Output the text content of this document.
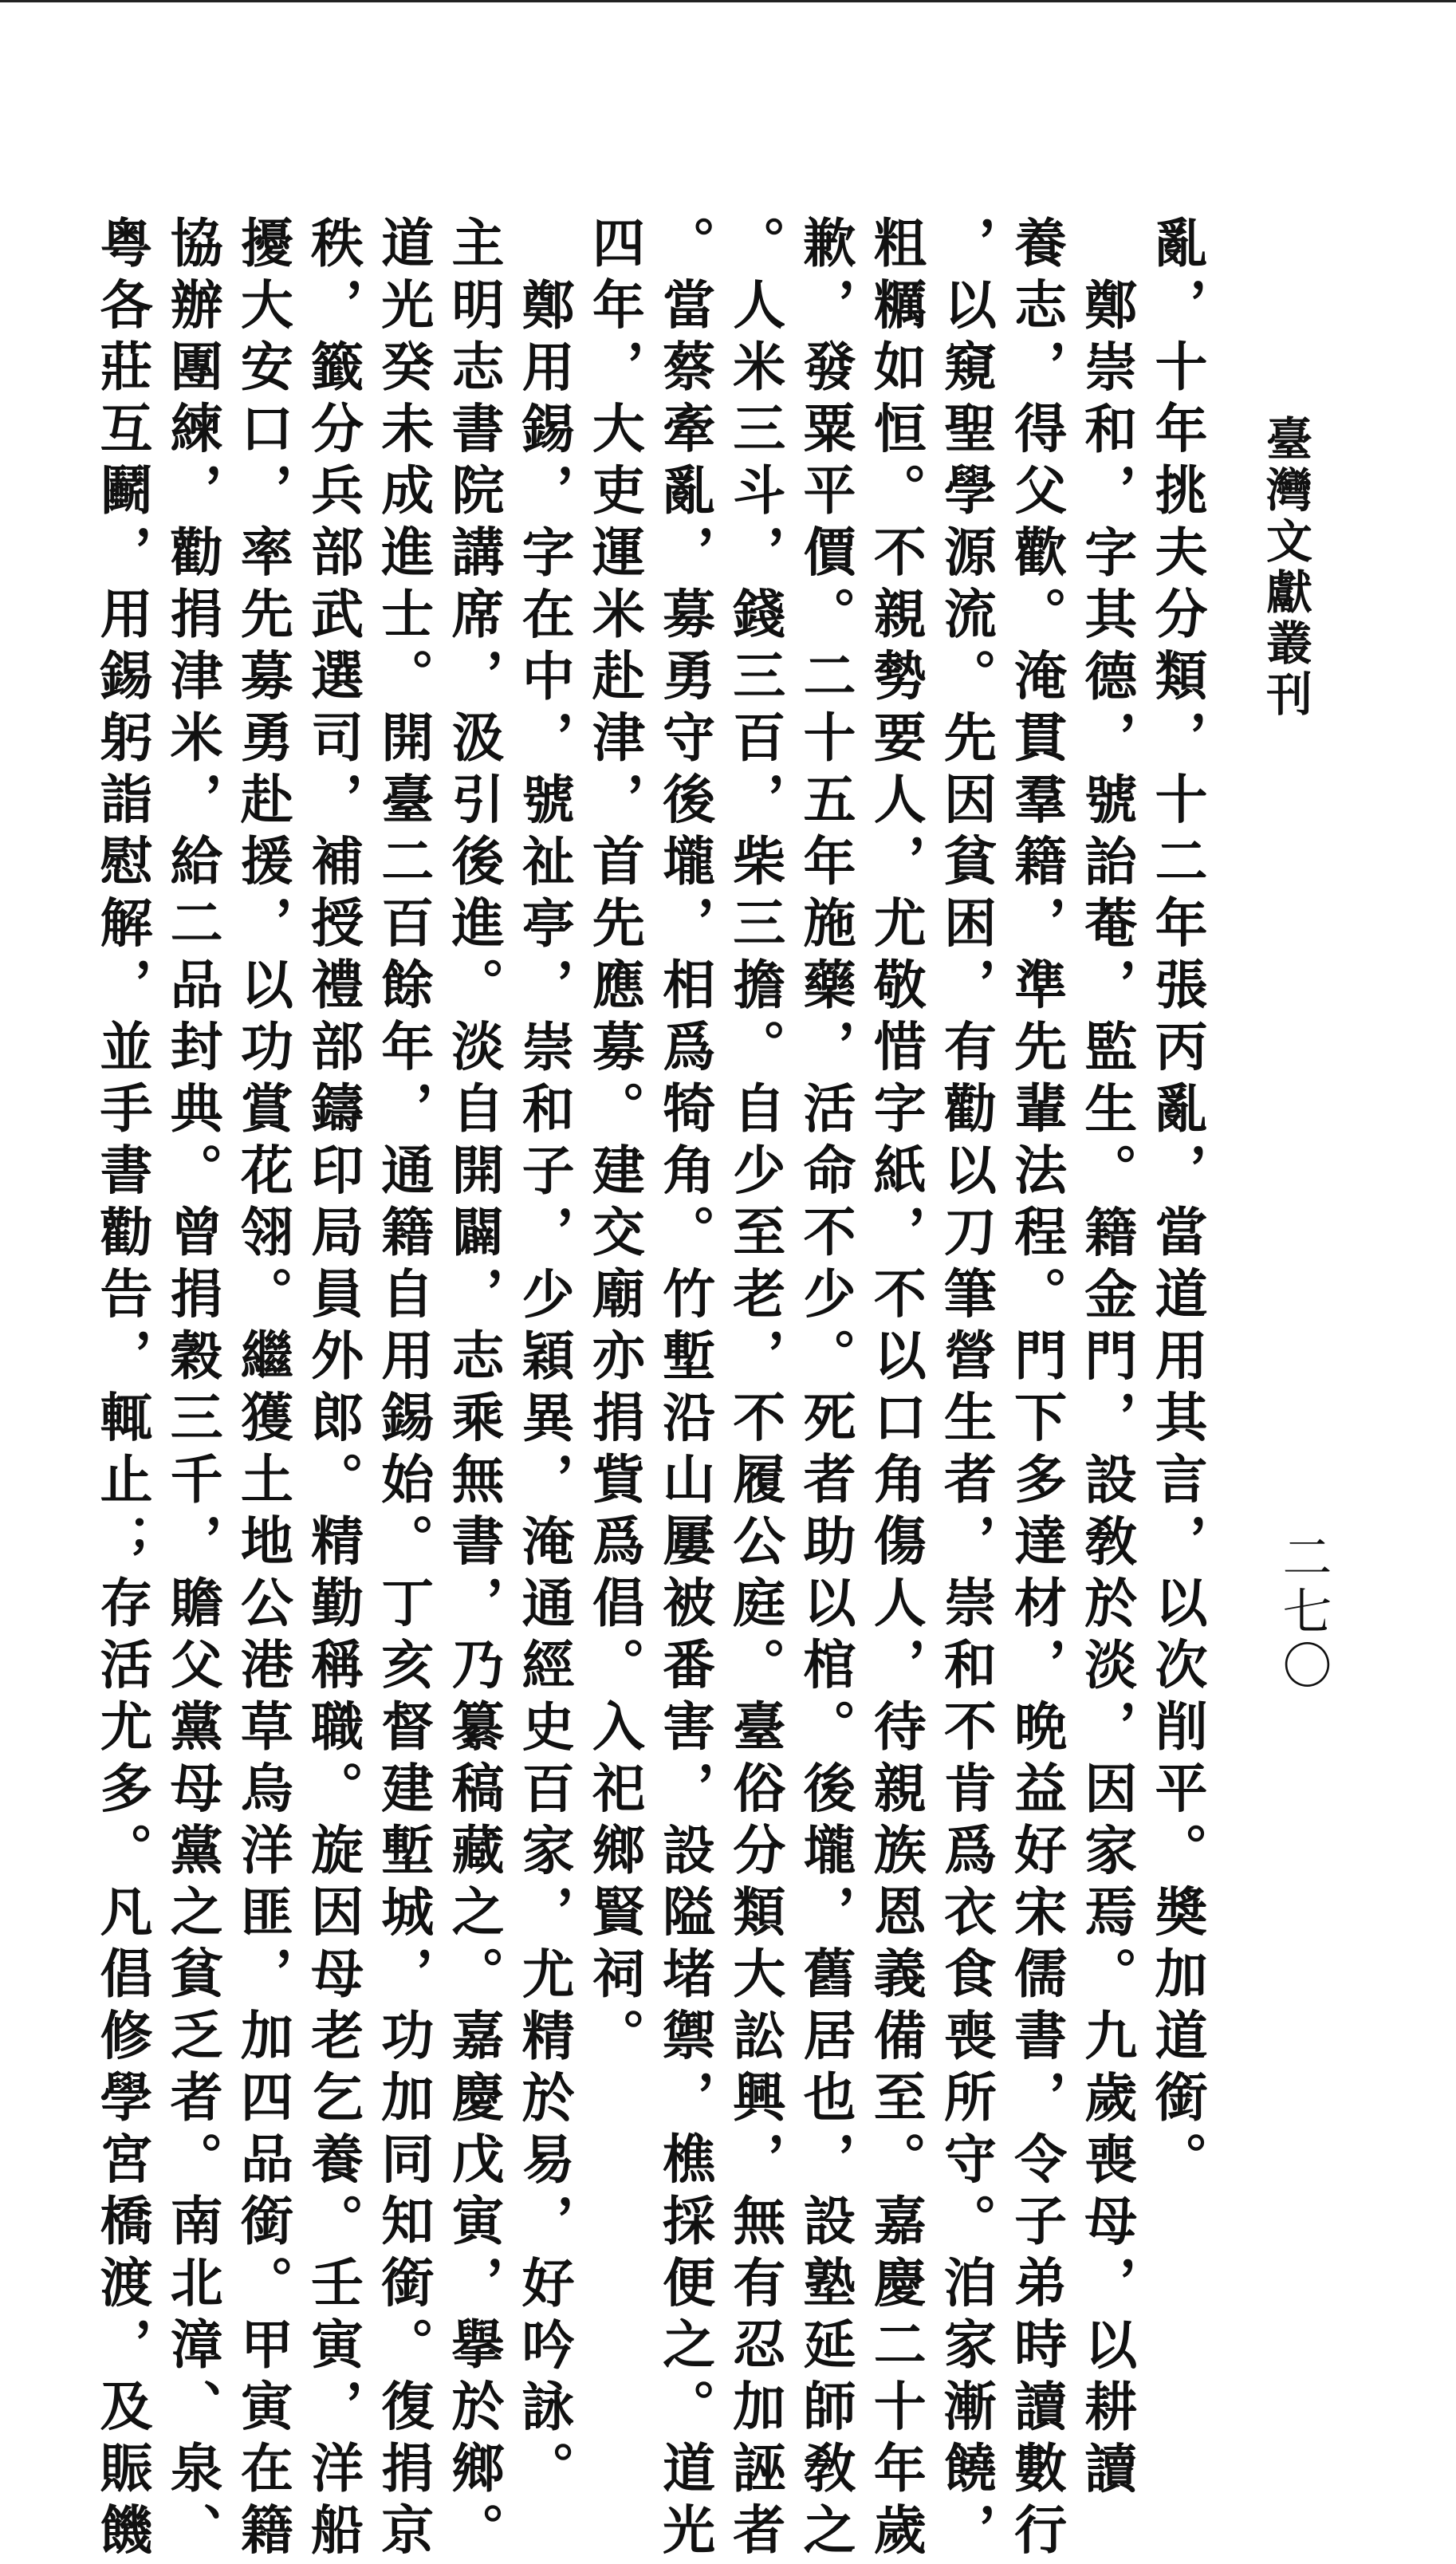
臺灣文獻叢刊
二七〇
亂，十年挑夫分類，十二年張丙亂，當道用其言，以次削平。奬加道銜。
鄭崇和，字其德，號詒菴，監生。籍金門，設敎於淡，因家焉。九歲喪母，以耕讀
養志，得父歡。淹貫羣籍，準先輩法程。門下多達材，晩益好宋儒書，令子弟時讀數行
，以窺聖學源流。先因貧困，有勸以刀筆營生者，崇和不肯爲衣食喪所守。洎家漸饒，
粗糲如恒。不親勢要人，尤敬惜字紙，不以口角傷人，待親族恩義備至。嘉慶二十年歲
歉，發粟平價。二十五年施藥，活命不少。死者助以棺。後壠，舊居也，設塾延師敎之
。人米三斗，錢三百，柴三擔。自少至老，不履公庭。臺俗分類大訟興，無有忍加誣者
。當蔡牽亂，募勇守後壠，相爲犄角。竹塹沿山屢被番害，設隘堵禦，樵採便之。道光
四年，大吏運米赴津，首先應募。建交廟亦捐貲爲倡。入祀鄉賢祠。
鄭用錫，字在中，號祉亭，崇和子，少穎異，淹通經史百家，尤精於易，好吟詠。
主明志書院講席，汲引後進。淡自開闢，志乘無書，乃纂稿藏之。嘉慶戊寅，擧於鄉。
道光癸未成進士。開臺二百餘年，通籍自用錫始。丁亥督建塹城，功加同知銜。復捐京
秩，籤分兵部武選司，補授禮部鑄印局員外郎。精勤稱職。旋因母老乞養。壬寅，洋船
擾大安口，率先募勇赴援，以功賞花翎。繼獲土地公港草烏洋匪，加四品銜。甲寅在籍
協辦團練，勸捐津米，給二品封典。曾捐穀三千，贍父黨母黨之貧乏者。南北漳、泉、
粤各莊互鬬，用錫躬詣慰解，並手書勸告，輒止；存活尤多。凡倡修學宮橋渡，及賑饑
